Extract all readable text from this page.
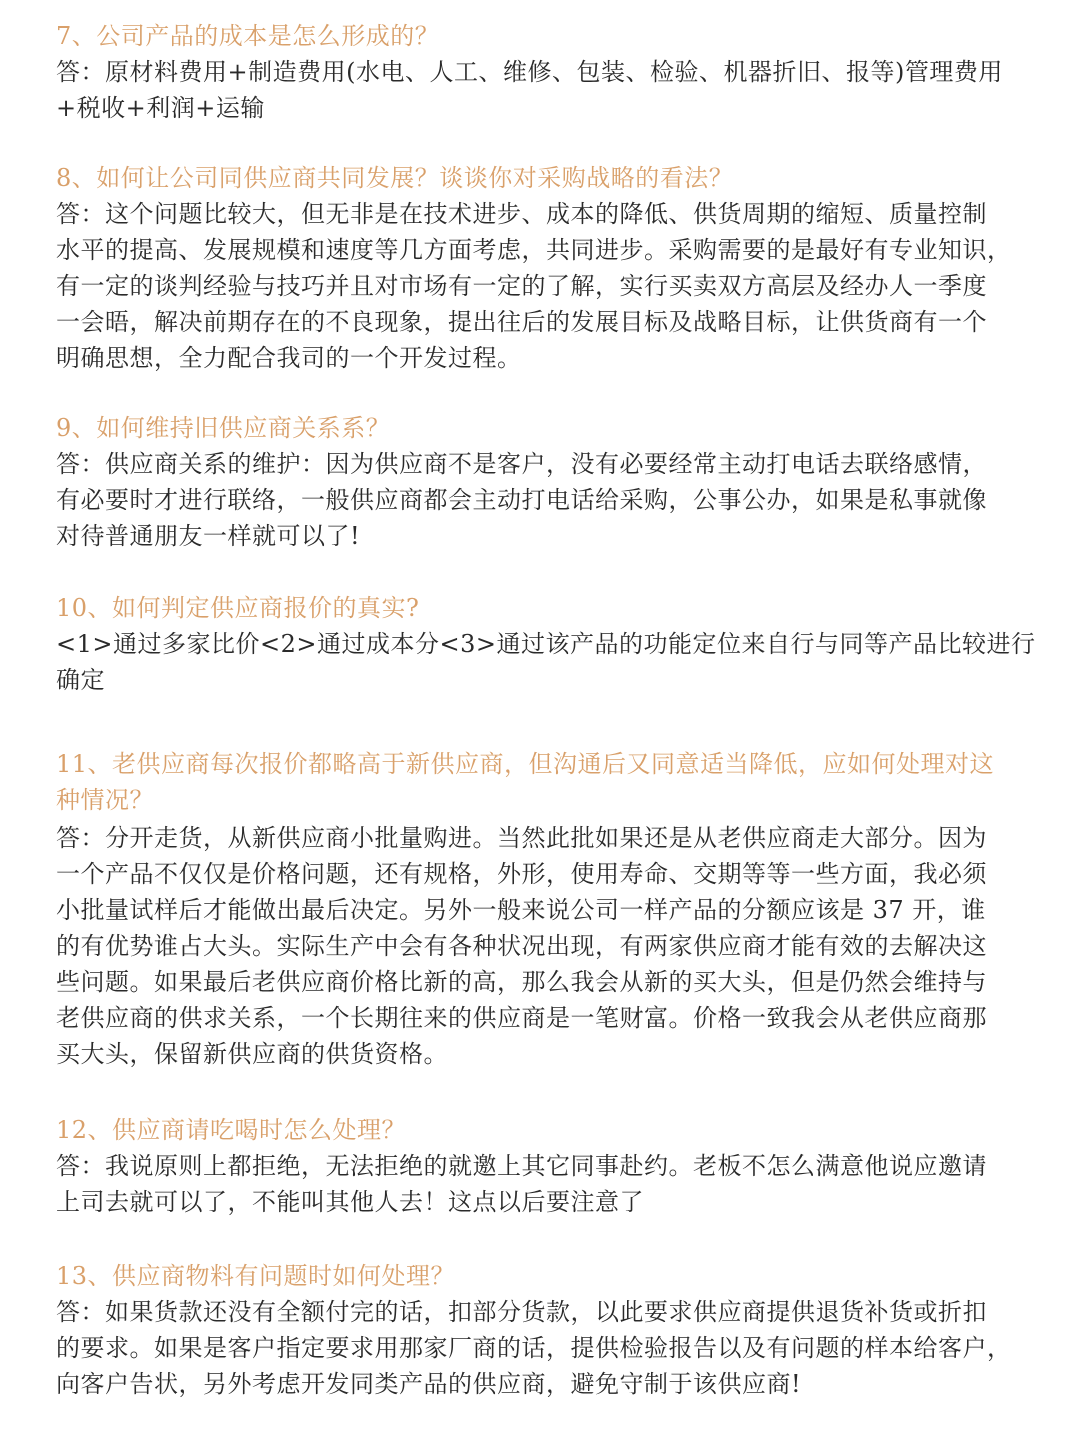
7、公司产品的成本是怎么形成的？

答：原材料费用+制造费用(水电、人工、维修、包装、检验、机器折旧、报等)管理费用
+税收+利润+运输

8、如何让公司同供应商共同发展？谈谈你对采购战略的看法？

答：这个问题比较大，但无非是在技术进步、成本的降低、供货周期的缩短、质量控制
水平的提高、发展规模和速度等几方面考虑，共同进步。采购需要的是最好有专业知识，
有一定的谈判经验与技巧并且对市场有一定的了解，实行买卖双方高层及经办人一季度
一会晤，解决前期存在的不良现象，提出往后的发展目标及战略目标，让供货商有一个
明确思想，全力配合我司的一个开发过程。

9、如何维持旧供应商关系系？

答：供应商关系的维护：因为供应商不是客户，没有必要经常主动打电话去联络感情，
有必要时才进行联络，一般供应商都会主动打电话给采购，公事公办，如果是私事就像
对待普通朋友一样就可以了!

10、如何判定供应商报价的真实?

<1>通过多家比价<2>通过成本分<3>通过该产品的功能定位来自行与同等产品比较进行
确定
11、老供应商每次报价都略高于新供应商，但沟通后又同意适当降低，应如何处理对这
种情况？
答：分开走货，从新供应商小批量购进。当然此批如果还是从老供应商走大部分。因为
一个产品不仅仅是价格问题，还有规格，外形，使用寿命、交期等等一些方面，我必须
小批量试样后才能做出最后决定。另外一般来说公司一样产品的分额应该是 37 开，谁
的有优势谁占大头。实际生产中会有各种状况出现，有两家供应商才能有效的去解决这
些问题。如果最后老供应商价格比新的高，那么我会从新的买大头，但是仍然会维持与
老供应商的供求关系，一个长期往来的供应商是一笔财富。价格一致我会从老供应商那
买大头，保留新供应商的供货资格。

12、供应商请吃喝时怎么处理？

答：我说原则上都拒绝，无法拒绝的就邀上其它同事赴约。老板不怎么满意他说应邀请
上司去就可以了，不能叫其他人去！这点以后要注意了

13、供应商物料有问题时如何处理？

答：如果货款还没有全额付完的话，扣部分货款，以此要求供应商提供退货补货或折扣
的要求。如果是客户指定要求用那家厂商的话，提供检验报告以及有问题的样本给客户，
向客户告状，另外考虑开发同类产品的供应商，避免守制于该供应商!
